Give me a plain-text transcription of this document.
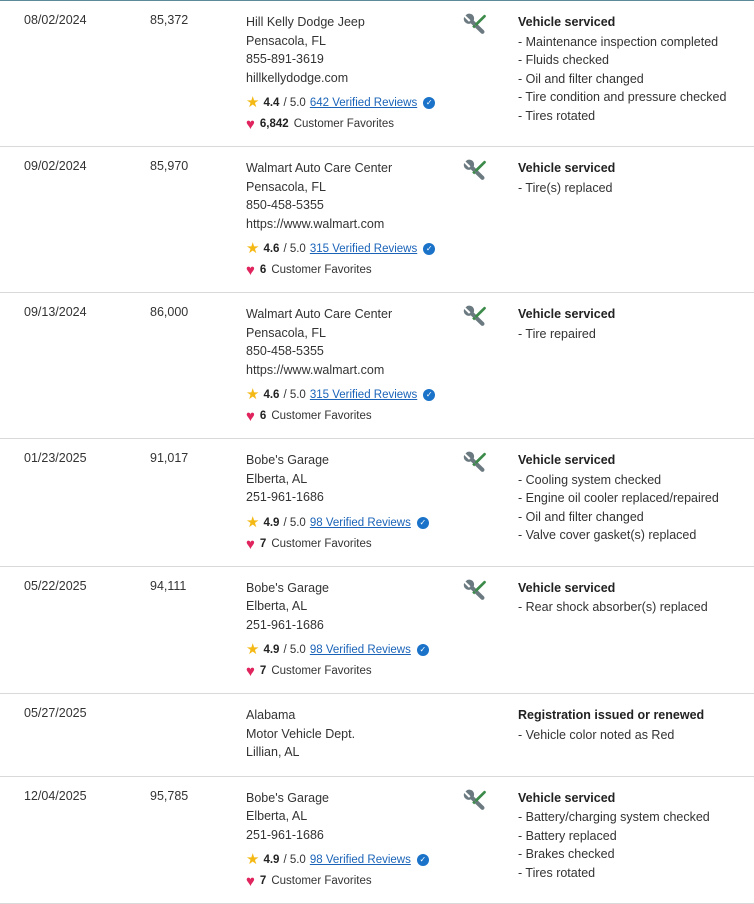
08/02/2024	85,372	Hill Kelly Dodge Jeep
Pensacola, FL
855-891-3619
hillkellydodge.com
★ 4.4 / 5.0 642 Verified Reviews	✓
♥ 6,842 Customer Favorites

Vehicle serviced
- Maintenance inspection completed
- Fluids checked
- Oil and filter changed
- Tire condition and pressure checked
- Tires rotated

09/02/2024	85,970	Walmart Auto Care Center
Pensacola, FL
850-458-5355
https://www.walmart.com
★ 4.6 / 5.0 315 Verified Reviews	✓
♥ 6 Customer Favorites

Vehicle serviced
- Tire(s) replaced

09/13/2024	86,000	Walmart Auto Care Center
Pensacola, FL
850-458-5355
https://www.walmart.com
★ 4.6 / 5.0 315 Verified Reviews	✓
♥ 6 Customer Favorites

Vehicle serviced
- Tire repaired

01/23/2025	91,017	Bobe's Garage
Elberta, AL
251-961-1686
★ 4.9 / 5.0 98 Verified Reviews	✓
♥ 7 Customer Favorites

Vehicle serviced
- Cooling system checked
- Engine oil cooler replaced/repaired
- Oil and filter changed
- Valve cover gasket(s) replaced

05/22/2025	94,111	Bobe's Garage
Elberta, AL
251-961-1686
★ 4.9 / 5.0 98 Verified Reviews	✓
♥ 7 Customer Favorites

Vehicle serviced
- Rear shock absorber(s) replaced

05/27/2025		Alabama
Motor Vehicle Dept.
Lillian, AL		Registration issued or renewed
- Vehicle color noted as Red

12/04/2025	95,785	Bobe's Garage
Elberta, AL
251-961-1686
★ 4.9 / 5.0 98 Verified Reviews	✓
♥ 7 Customer Favorites

Vehicle serviced
- Battery/charging system checked
- Battery replaced
- Brakes checked
- Tires rotated
